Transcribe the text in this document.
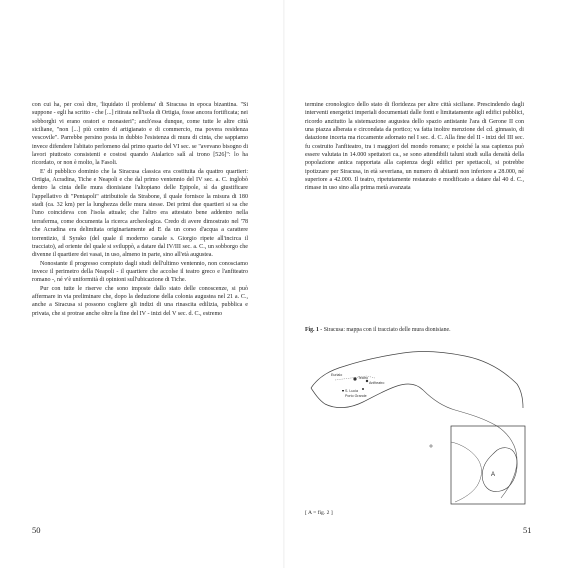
con cui ha, per così dire, 'liquidato il problema' di Siracusa in epoca bizantina. "Si suppone - egli ha scritto - che [...] ritirata nell'isola di Ortigia, fosse ancora fortificata; nei sobborghi vi erano oratori e monasteri"; anch'essa dunque, come tutte le altre città siciliane, "non [...] più centro di artigianato e di commercio, ma povera residenza vescovile". Parrebbe persino posta in dubbio l'esistenza di mura di cinta, che sappiamo invece difendere l'abitato perlomeno dal primo quarto del VI sec. se "avevano bisogno di lavori piuttosto consistenti e costosi quando Atalarico salì al trono [526]": lo ha ricordato, or non è molto, la Fasoli.

E' di pubblico dominio che la Siracusa classica era costituita da quattro quartieri: Ortigia, Acradina, Tiche e Neapoli e che dal primo ventennio del IV sec. a. C. inglobò dentro la cinta delle mura dionisiane l'altopiano delle Epipole, sì da giustificare l'appellativo di "Pentapoli" attribuitole da Strabone, il quale fornisce la misura di 180 stadi (ca. 32 km) per la lunghezza delle mura stesse. Dei primi due quartieri si sa che l'uno coincideva con l'isola attuale; che l'altro era attestato bene addentro nella terraferma, come documenta la ricerca archeologica. Credo di avere dimostrato nel '78 che Acradina era delimitata originariamente ad E da un corso d'acqua a carattere torrentizio, il Syrako (del quale il moderno canale s. Giorgio ripete all'incirca il tracciato), ad oriente del quale si sviluppò, a datare dal IV/III sec. a. C., un sobborgo che divenne il quartiere dei vasai, in uso, almeno in parte, sino all'età augustea.

Nonostante il progresso compiuto dagli studi dell'ultimo ventennio, non conosciamo invece il perimetro della Neapoli - il quartiere che accolse il teatro greco e l'anfiteatro romano -, né v'è uniformità di opinioni sull'ubicazione di Tiche.

Pur con tutte le riserve che sono imposte dallo stato delle conoscenze, si può affermare in via preliminare che, dopo la deduzione della colonia augustea nel 21 a. C., anche a Siracusa si possono cogliere gli indizi di una rinascita edilizia, pubblica e privata, che si protrae anche oltre la fine del IV - inizi del V sec. d. C., estremo

50

termine cronologico dello stato di floridezza per altre città siciliane. Prescindendo dagli interventi energetici imperiali documentati dalle fonti e limitatamente agli edifici pubblici, ricordo anzitutto la sistemazione augustea dello spazio antistante l'ara di Gerone II con una piazza alberata e circondata da portico; va fatta inoltre menzione del cd. ginnasio, di datazione incerta ma riccamente adornato nel I sec. d. C. Alla fine del II - inizi del III sec. fu costruito l'anfiteatro, tra i maggiori del mondo romano; e poiché la sua capienza può essere valutata in 14.000 spettatori ca., se sono attendibili taluni studi sulla densità della popolazione antica rapportata alla capienza degli edifici per spettacoli, si potrebbe ipotizzare per Siracusa, in età severiana, un numero di abitanti non inferiore a 28.000, né superiore a 42.000. Il teatro, ripetutamente restaurato e modificato a datare dal 40 d. C., rimase in uso sino alla prima metà avanzata

Fig. 1 - Siracusa: mappa con il tracciato delle mura dionisiane.
Eurialo
Teatro
Anfiteatro
S. Lucia
Porto Grande
A
[ A = fig. 2 ]
51
